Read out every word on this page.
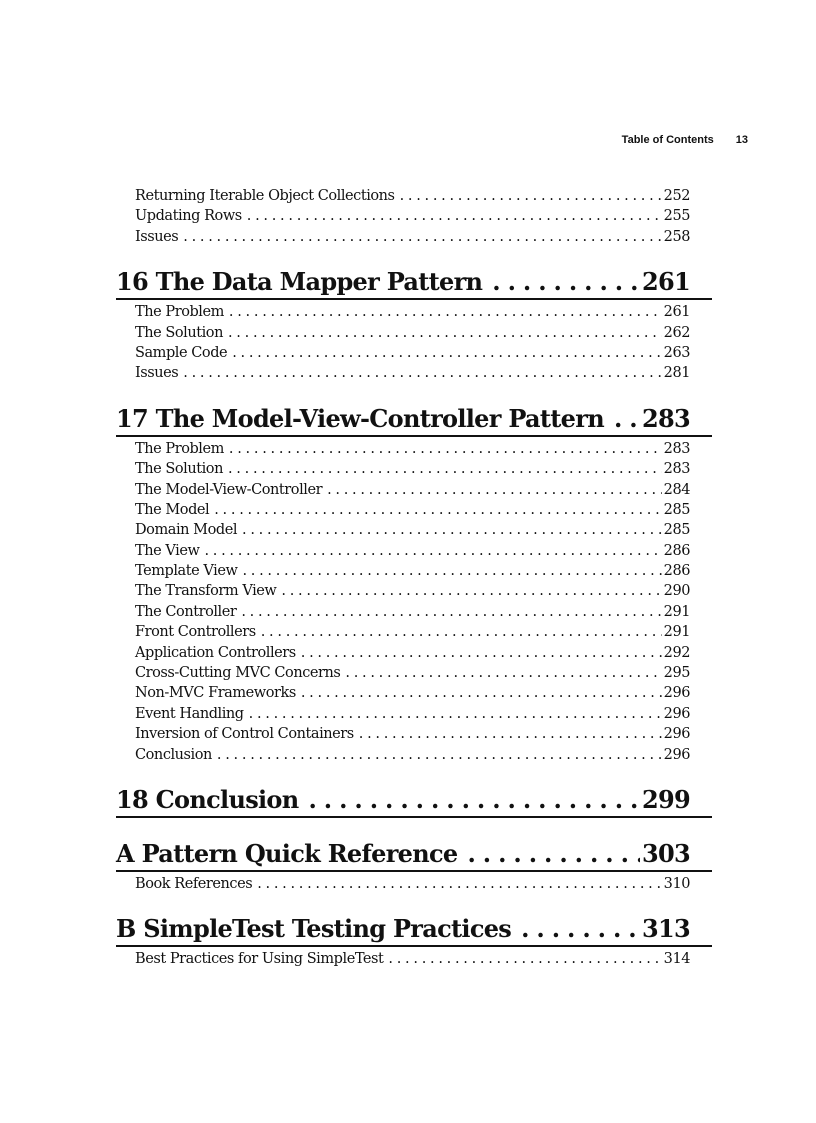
Table of Contents 13
Returning Iterable Object Collections . . .	252
Updating Rows . . .	255
Issues . . .	258
16 The Data Mapper Pattern . . .	261
The Problem . . .	261
The Solution . . .	262
Sample Code . . .	263
Issues . . .	281
17 The Model-View-Controller Pattern . . . 283
The Problem . . .	283
The Solution . . .	283
The Model-View-Controller . . .	284
The Model . . .	285
Domain Model . . .	285
The View . . .	286
Template View . . .	286
The Transform View . . .	290
The Controller . . .	291
Front Controllers . . .	291
Application Controllers . . .	292
Cross-Cutting MVC Concerns . . .	295
Non-MVC Frameworks . . .	296
Event Handling . . .	296
Inversion of Control Containers . . .	296
Conclusion . . .	296
18 Conclusion . . .	299
A Pattern Quick Reference . . .	303
Book References . . .	310
B SimpleTest Testing Practices . . .	313
Best Practices for Using SimpleTest . . .	314
